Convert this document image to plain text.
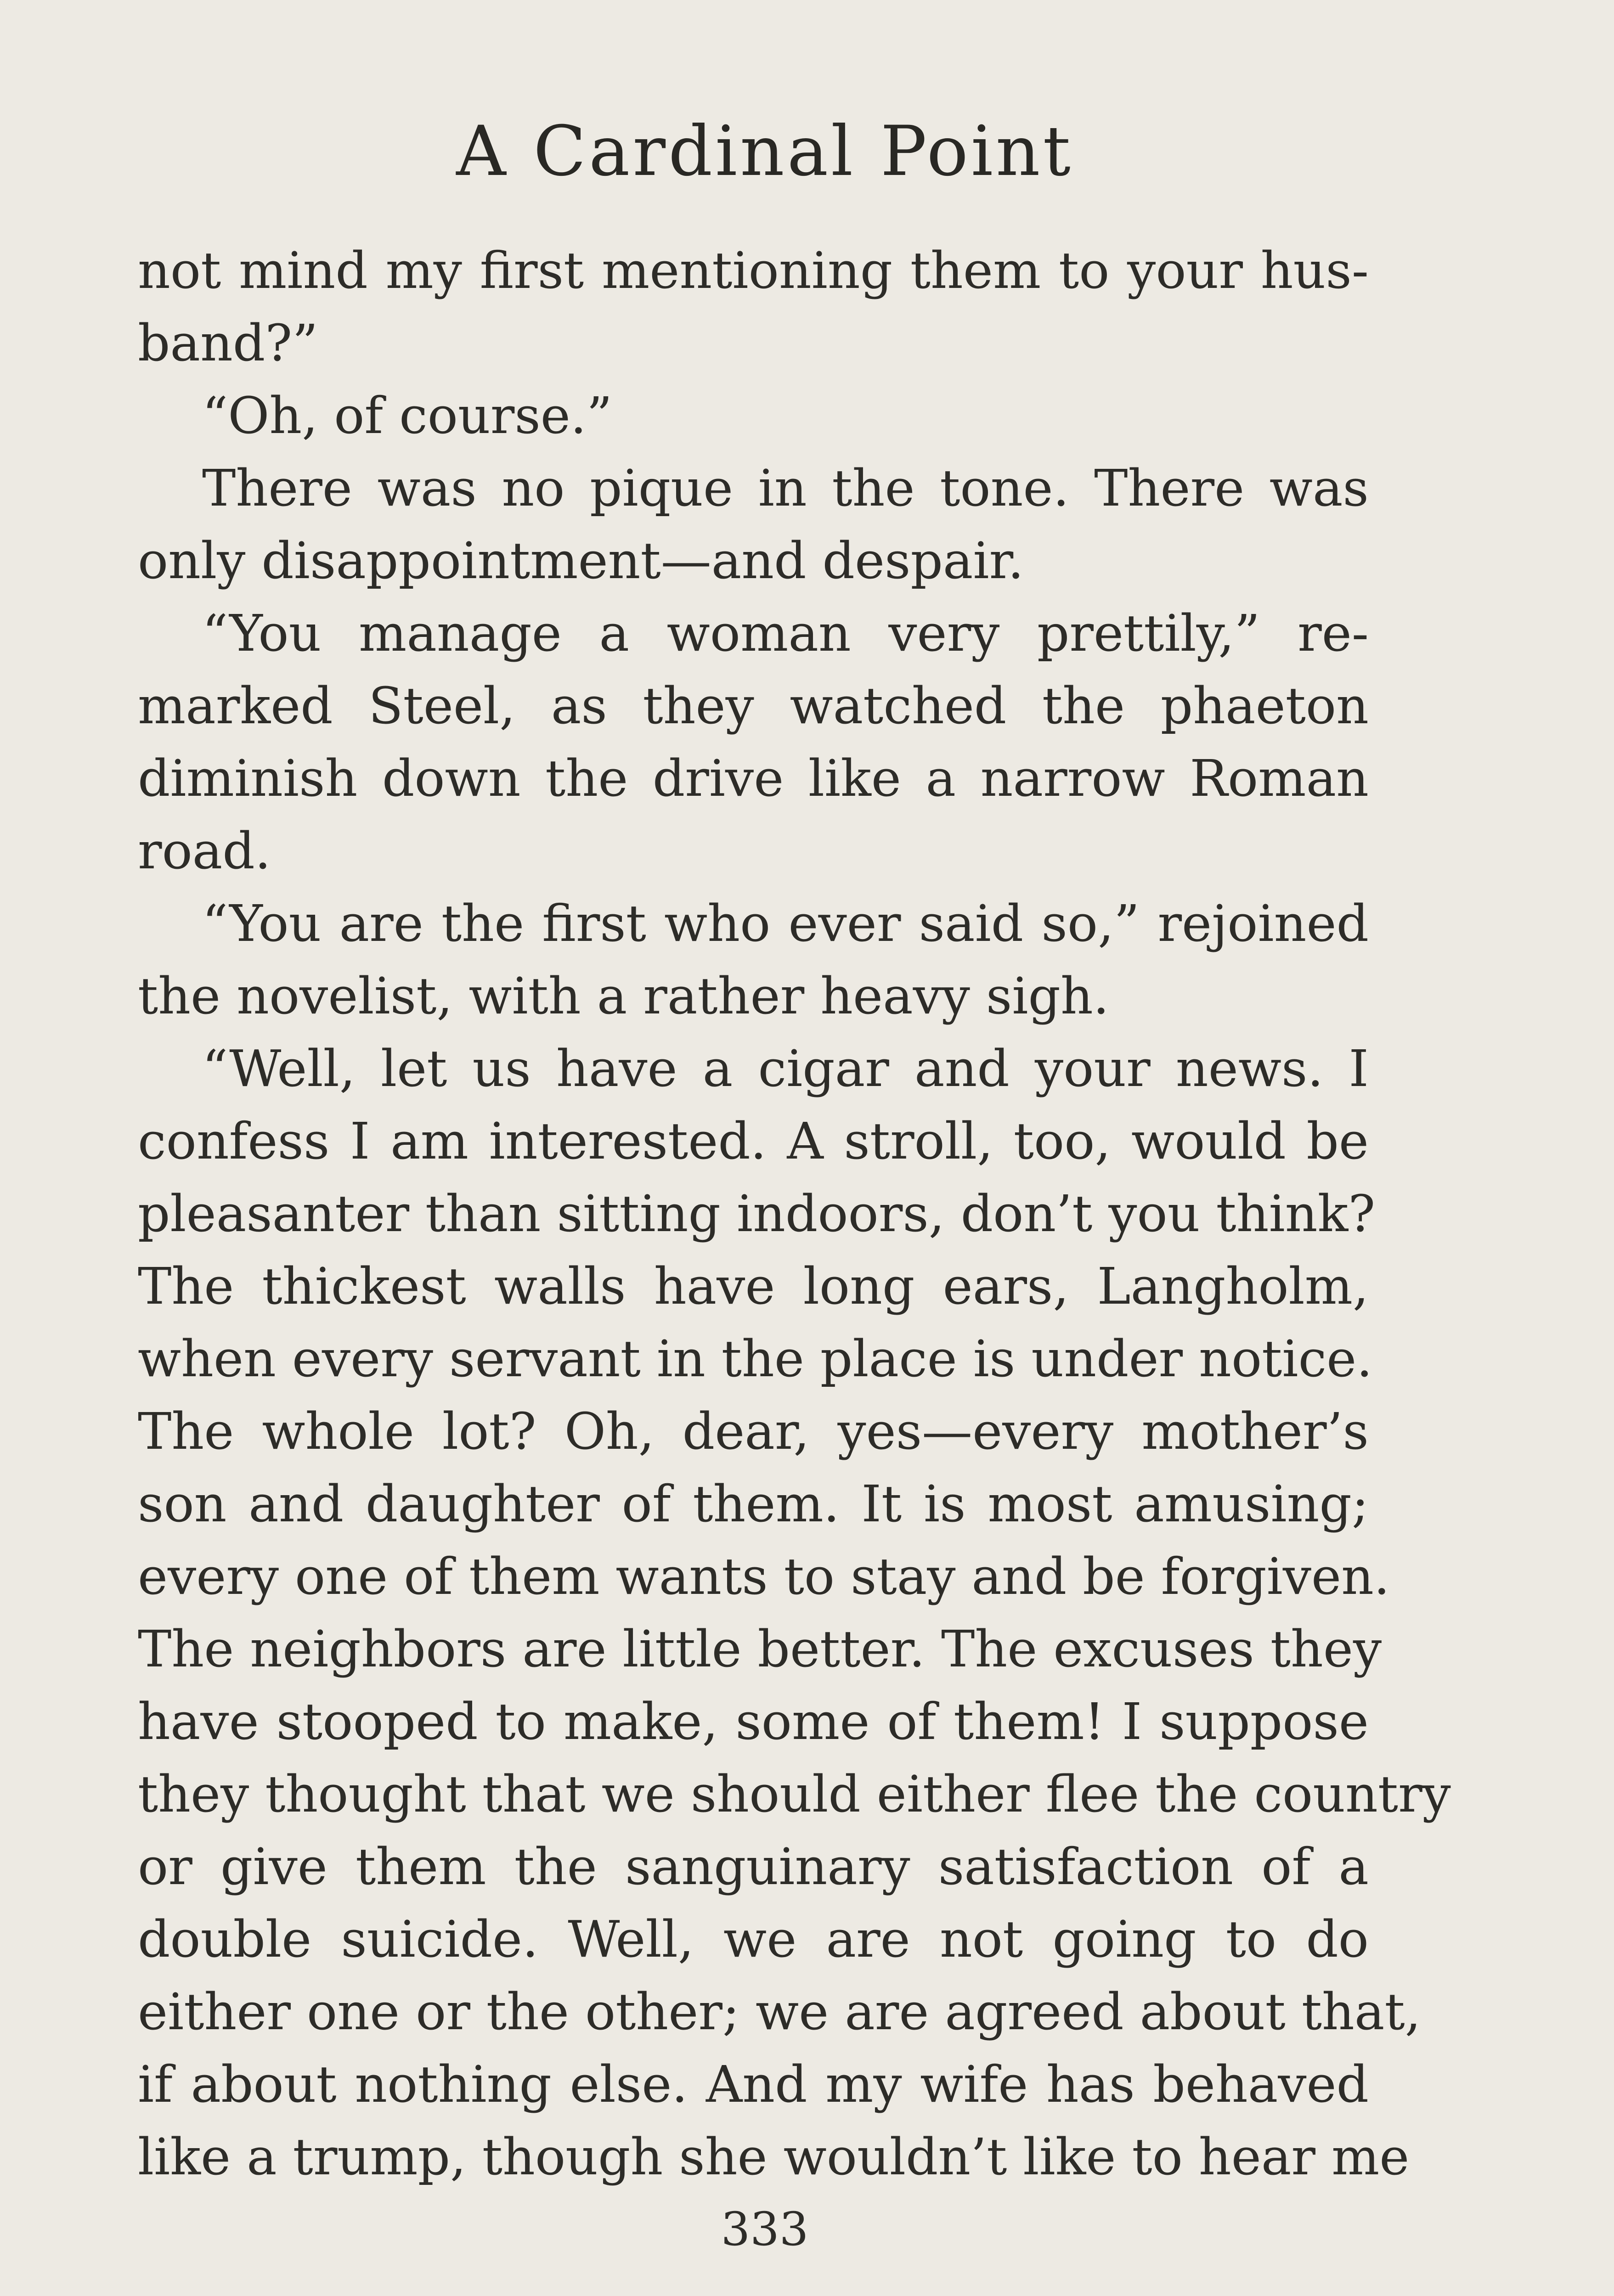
A Cardinal Point
not mind my first mentioning them to your hus-
band?”
“Oh, of course.”
There was no pique in the tone. There was
only disappointment—and despair.
“You manage a woman very prettily,” re-
marked Steel, as they watched the phaeton
diminish down the drive like a narrow Roman
road.
“You are the first who ever said so,” rejoined
the novelist, with a rather heavy sigh.
“Well, let us have a cigar and your news. I
confess I am interested. A stroll, too, would be
pleasanter than sitting indoors, don’t you think?
The thickest walls have long ears, Langholm,
when every servant in the place is under notice.
The whole lot? Oh, dear, yes—every mother’s
son and daughter of them. It is most amusing;
every one of them wants to stay and be forgiven.
The neighbors are little better. The excuses they
have stooped to make, some of them! I suppose
they thought that we should either flee the country
or give them the sanguinary satisfaction of a
double suicide. Well, we are not going to do
either one or the other; we are agreed about that,
if about nothing else. And my wife has behaved
like a trump, though she wouldn’t like to hear me
333
